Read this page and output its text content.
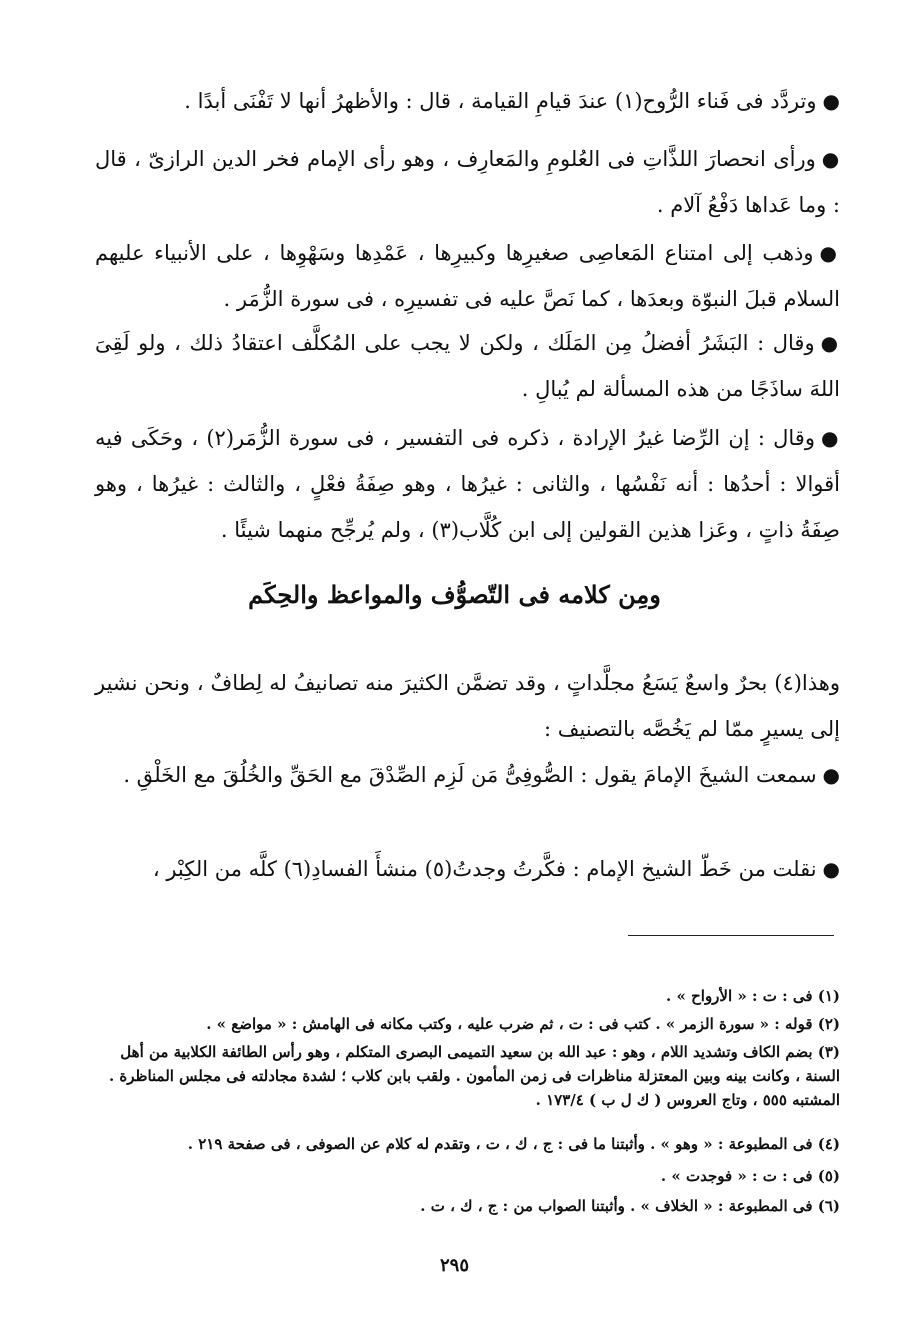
●وتردَّد فى فَناء الرُّوح(١) عندَ قيامِ القيامة ، قال : والأظهرُ أنها لا تَفْنَى أبدًا .

●ورأى انحصارَ اللذَّاتِ فى العُلومِ والمَعارِف ، وهو رأى الإمام فخر الدين الرازىّ ، قال : وما عَداها دَفْعُ آلام .

●وذهب إلى امتناع المَعاصِى صغيرِها وكبيرِها ، عَمْدِها وسَهْوِها ، على الأنبياء عليهم السلام قبلَ النبوّة وبعدَها ، كما نَصَّ عليه فى تفسيرِه ، فى سورة الزُّمَر .

●وقال : البَشَرُ أفضلُ مِن المَلَك ، ولكن لا يجب على المُكلَّف اعتقادُ ذلك ، ولو لَقِىَ اللهَ ساذَجًا من هذه المسألة لم يُبالِ .

●وقال : إن الرِّضا غيرُ الإرادة ، ذكره فى التفسير ، فى سورة الزُّمَر(٢) ، وحَكَى فيه أقوالا : أحدُها : أنه نَفْسُها ، والثانى : غيرُها ، وهو صِفَةُ فعْلٍ ، والثالث : غيرُها ، وهو صِفَةُ ذاتٍ ، وعَزا هذين القولين إلى ابن كُلَّاب(٣) ، ولم يُرجِّح منهما شيئًا .

ومِن كلامه فى التّصوُّف والمواعظ والحِكَم

وهذا(٤) بحرٌ واسعٌ يَسَعُ مجلَّداتٍ ، وقد تضمَّن الكثيرَ منه تصانيفُ له لِطافٌ ، ونحن نشير إلى يسيرٍ ممّا لم يَخُصَّه بالتصنيف :

●سمعت الشيخَ الإمامَ يقول : الصُّوفِىُّ مَن لَزِم الصِّدْقَ مع الحَقِّ والخُلُقَ مع الخَلْقِ .

●نقلت من خَطّ الشيخ الإمام : فكَّرتُ وجدتُ(٥) منشأَ الفسادِ(٦) كلَّه من الكِبْر ،

(١) فى : ت : « الأرواح » .

(٢) قوله : « سورة الزمر » . كتب فى : ت ، ثم ضرب عليه ، وكتب مكانه فى الهامش : « مواضع » .

(٣) بضم الكاف وتشديد اللام ، وهو : عبد الله بن سعيد التميمى البصرى المتكلم ، وهو رأس الطائفة الكلابية من أهل السنة ، وكانت بينه وبين المعتزلة مناظرات فى زمن المأمون . ولقب بابن كلاب ؛ لشدة مجادلته فى مجلس المناظرة . المشتبه ٥٥٥ ، وتاج العروس ( ك ل ب ) ١٧٣/٤ .

(٤) فى المطبوعة : « وهو » . وأثبتنا ما فى : ج ، ك ، ت ، وتقدم له كلام عن الصوفى ، فى صفحة ٢١٩ .

(٥) فى : ت : « فوجدت » .

(٦) فى المطبوعة : « الخلاف » . وأثبتنا الصواب من : ج ، ك ، ت .

٢٩٥
